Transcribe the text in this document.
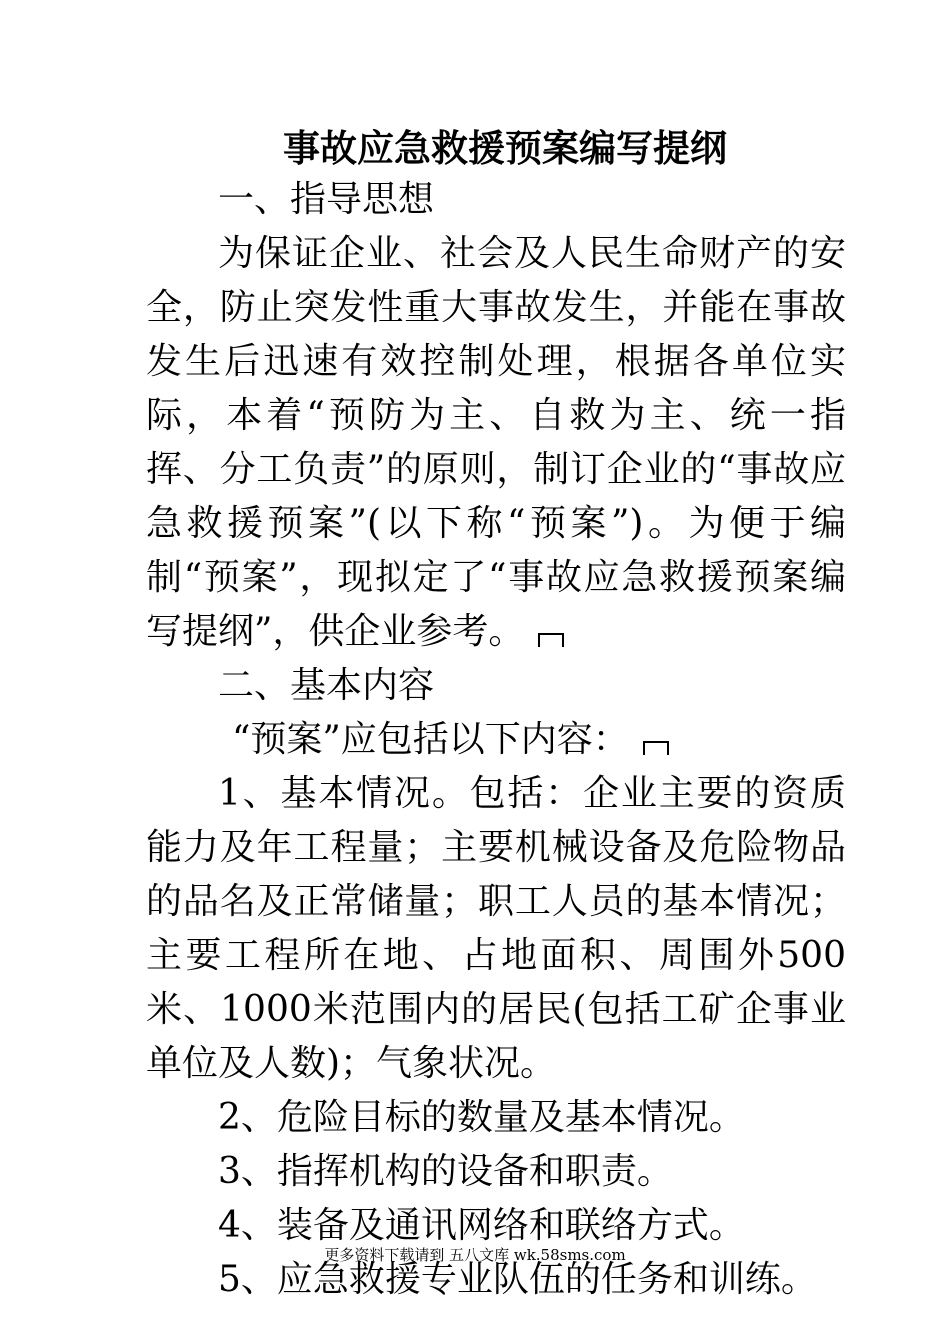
事故应急救援预案编写提纲

一、指导思想

为保证企业、社会及人民生命财产的安全，防止突发性重大事故发生，并能在事故发生后迅速有效控制处理，根据各单位实际，本着“预防为主、自救为主、统一指挥、分工负责”的原则，制订企业的“事故应急救援预案”(以下称“预案”)。为便于编制“预案”，现拟定了“事故应急救援预案编写提纲”，供企业参考。

二、基本内容

“预案”应包括以下内容：

1、基本情况。包括：企业主要的资质能力及年工程量；主要机械设备及危险物品的品名及正常储量；职工人员的基本情况；主要工程所在地、占地面积、周围外500米、1000米范围内的居民(包括工矿企事业单位及人数)；气象状况。

2、危险目标的数量及基本情况。

3、指挥机构的设备和职责。

4、装备及通讯网络和联络方式。

5、应急救援专业队伍的任务和训练。

更多资料下载请到 五八文库 wk.58sms.com
